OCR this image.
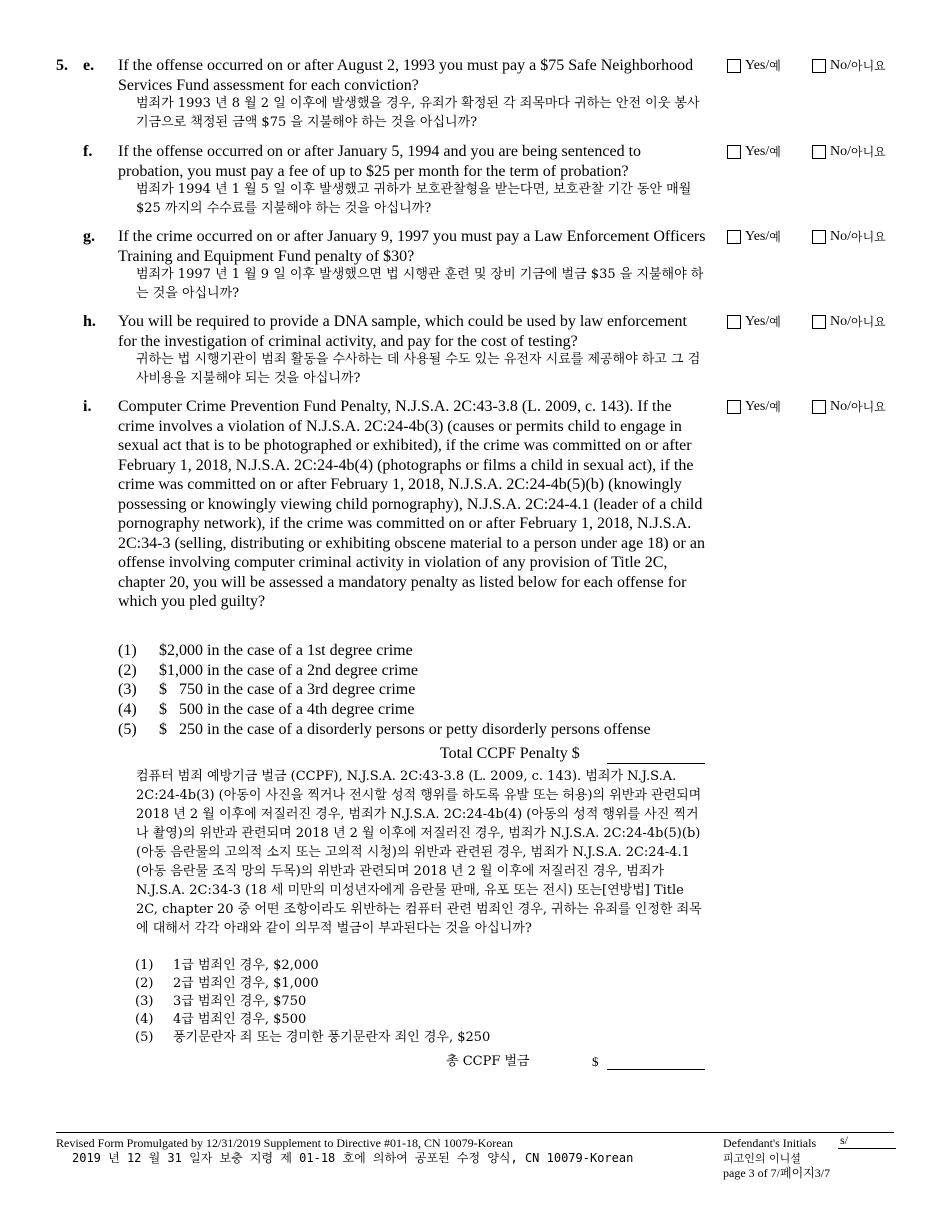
5. e. If the offense occurred on or after August 2, 1993 you must pay a $75 Safe Neighborhood Services Fund assessment for each conviction?

범죄가 1993 년 8 월 2 일 이후에 발생했을 경우, 유죄가 확정된 각 죄목마다 귀하는 안전 이웃 봉사기금으로 책정된 금액 $75 을 지불해야 하는 것을 아십니까?

Yes/ 예	No/ 아니요
f. If the offense occurred on or after January 5, 1994 and you are being sentenced to probation, you must pay a fee of up to $25 per month for the term of probation?

범죄가 1994 년 1 월 5 일 이후 발생했고 귀하가 보호관찰형을 받는다면, 보호관찰 기간 동안 매월 $25 까지의 수수료를 지불해야 하는 것을 아십니까?

Yes/ 예	No/ 아니요
g. If the crime occurred on or after January 9, 1997 you must pay a Law Enforcement Officers Training and Equipment Fund penalty of $30?

범죄가 1997 년 1 월 9 일 이후 발생했으면 법 시행관 훈련 및 장비 기금에 벌금 $35 을 지불해야 하는 것을 아십니까?

Yes/ 예	No/ 아니요
h. You will be required to provide a DNA sample, which could be used by law enforcement for the investigation of criminal activity, and pay for the cost of testing?

귀하는 법 시행기관이 범죄 활동을 수사하는 데 사용될 수도 있는 유전자 시료를 제공해야 하고 그 검사비용을 지불해야 되는 것을 아십니까?

Yes/ 예	No/ 아니요
i. Computer Crime Prevention Fund Penalty, N.J.S.A. 2C:43-3.8 (L. 2009, c. 143). If the crime involves a violation of N.J.S.A. 2C:24-4b(3) (causes or permits child to engage in sexual act that is to be photographed or exhibited), if the crime was committed on or after February 1, 2018, N.J.S.A. 2C:24-4b(4) (photographs or films a child in sexual act), if the crime was committed on or after February 1, 2018, N.J.S.A. 2C:24-4b(5)(b) (knowingly possessing or knowingly viewing child pornography), N.J.S.A. 2C:24-4.1 (leader of a child pornography network), if the crime was committed on or after February 1, 2018, N.J.S.A. 2C:34-3 (selling, distributing or exhibiting obscene material to a person under age 18) or an offense involving computer criminal activity in violation of any provision of Title 2C, chapter 20, you will be assessed a mandatory penalty as listed below for each offense for which you pled guilty?

Yes/ 예	No/ 아니요
(1)	$2,000 in the case of a 1st degree crime
(2)	$1,000 in the case of a 2nd degree crime
(3)	$   750 in the case of a 3rd degree crime
(4)	$   500 in the case of a 4th degree crime
(5)	$   250 in the case of a disorderly persons or petty disorderly persons offense
Total CCPF Penalty $

컴퓨터 범죄 예방기금 벌금 (CCPF), N.J.S.A. 2C:43-3.8 (L. 2009, c. 143). 범죄가 N.J.S.A. 2C:24-4b(3) (아동이 사진을 찍거나 전시할 성적 행위를 하도록 유발 또는 허용)의 위반과 관련되며 2018 년 2 월 이후에 저질러진 경우, 범죄가 N.J.S.A. 2C:24-4b(4) (아동의 성적 행위를 사진 찍거나 촬영)의 위반과 관련되며 2018 년 2 월 이후에 저질러진 경우, 범죄가 N.J.S.A. 2C:24-4b(5)(b) (아동 음란물의 고의적 소지 또는 고의적 시청)의 위반과 관련된 경우, 범죄가 N.J.S.A. 2C:24-4.1 (아동 음란물 조직 망의 두목)의 위반과 관련되며 2018 년 2 월 이후에 저질러진 경우, 범죄가 N.J.S.A. 2C:34-3 (18 세 미만의 미성년자에게 음란물 판매, 유포 또는 전시) 또는[연방법] Title 2C, chapter 20 중 어떤 조항이라도 위반하는 컴퓨터 관련 범죄인 경우, 귀하는 유죄를 인정한 죄목에 대해서 각각 아래와 같이 의무적 벌금이 부과된다는 것을 아십니까?

(1)	1급 범죄인 경우, $2,000
(2)	2급 범죄인 경우, $1,000
(3)	3급 범죄인 경우, $750
(4)	4급 범죄인 경우, $500
(5)	풍기문란자 죄 또는 경미한 풍기문란자 죄인 경우, $250
총 CCPF 벌금	$
Revised Form Promulgated by 12/31/2019 Supplement to Directive #01-18, CN 10079-Korean
2019 년 12 월 31 일자 보충 지령 제 01-18 호에 의하여 공포된 수정 양식, CN 10079-Korean
Defendant's Initials
피고인의 이니셜
page 3 of 7/페이지3/7
s/
